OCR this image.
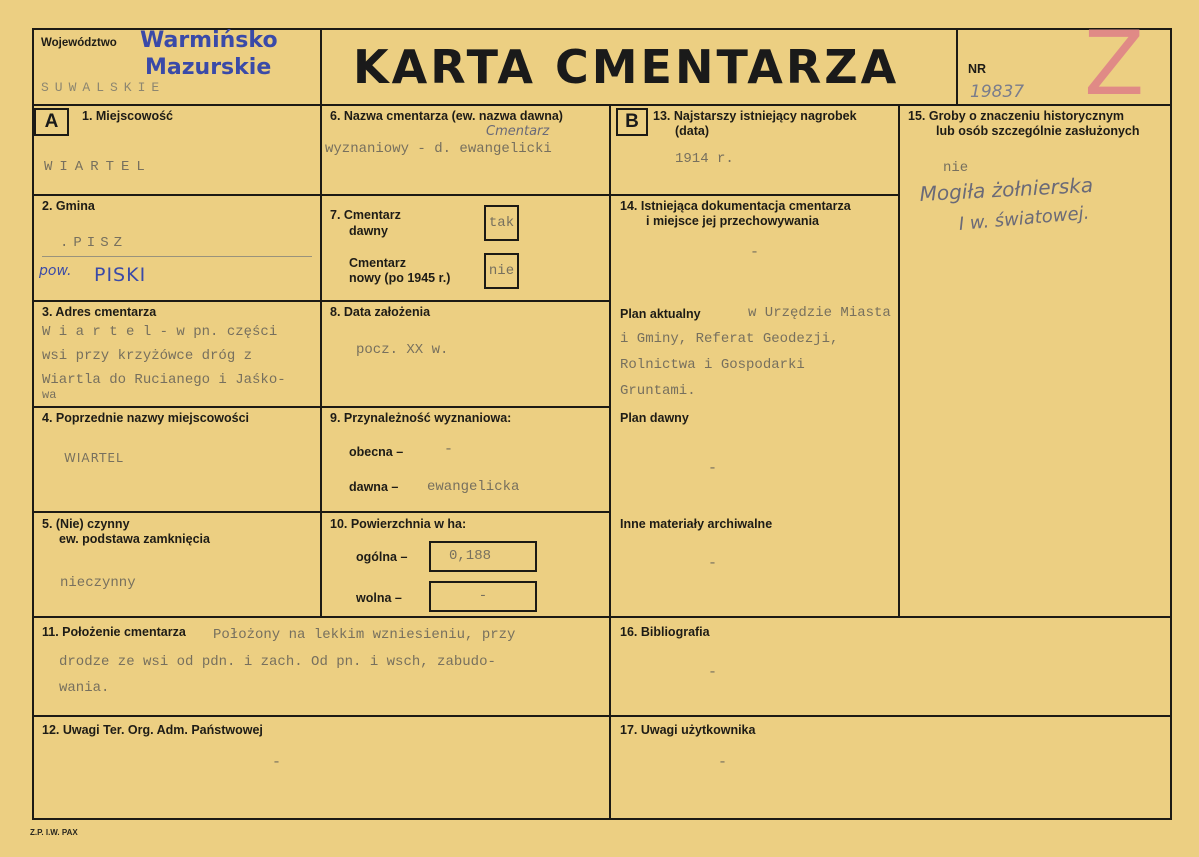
Województwo Warmińsko
Mazurskie
SUWALSKIE	KARTA CMENTARZA	NR
19837 Z
A	1. Miejscowość
WIARTEL
2. Gmina
.PISZ
pow. PISKI
3. Adres cmentarza
W i a r t e l - w pn. części
wsi przy krzyżówce dróg z
Wiartla do Rucianego i Jaśko-
wa
4. Poprzednie nazwy miejscowości
WIARTEL
5. (Nie) czynny
ew. podstawa zamknięcia
nieczynny
6. Nazwa cmentarza (ew. nazwa dawna)
Cmentarz
wyznaniowy - d. ewangelicki
7. Cmentarz
dawny	tak
Cmentarz
nowy (po 1945 r.)	nie
8. Data założenia
pocz. XX w.
9. Przynależność wyznaniowa:
obecna –	-
dawna – ewangelicka
10. Powierzchnia w ha:
ogólna –	0,188
wolna –	-
B	13. Najstarszy istniejący nagrobek
(data)
1914 r.
14. Istniejąca dokumentacja cmentarza
i miejsce jej przechowywania
-
Plan aktualny	w Urzędzie Miasta
i Gminy, Referat Geodezji,
Rolnictwa i Gospodarki
Gruntami.
Plan dawny
-
Inne materiały archiwalne
-
15. Groby o znaczeniu historycznym
lub osób szczególnie zasłużonych
nie
Mogiła żołnierska
I w. światowej.
11. Położenie cmentarza Położony na lekkim wzniesieniu, przy
drodze ze wsi od pdn. i zach. Od pn. i wsch, zabudo-
wania.
16. Bibliografia
-
12. Uwagi Ter. Org. Adm. Państwowej
-
17. Uwagi użytkownika
-
Z.P. I.W. PAX
